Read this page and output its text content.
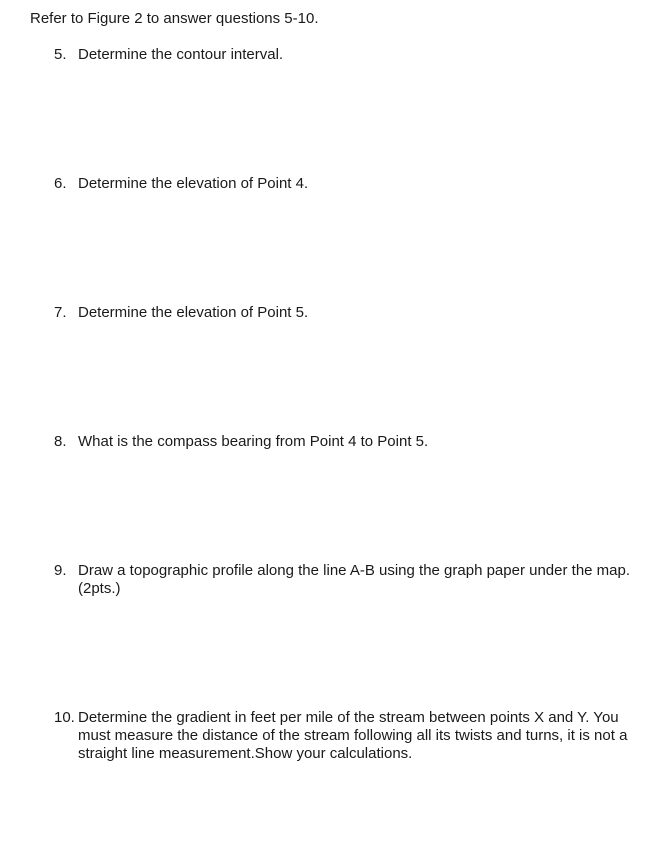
Refer to Figure 2 to answer questions 5-10.
5. Determine the contour interval.
6. Determine the elevation of Point 4.
7. Determine the elevation of Point 5.
8. What is the compass bearing from Point 4 to Point 5.
9. Draw a topographic profile along the line A-B using the graph paper under the map. (2pts.)
10. Determine the gradient in feet per mile of the stream between points X and Y. You must measure the distance of the stream following all its twists and turns, it is not a straight line measurement.Show your calculations.
